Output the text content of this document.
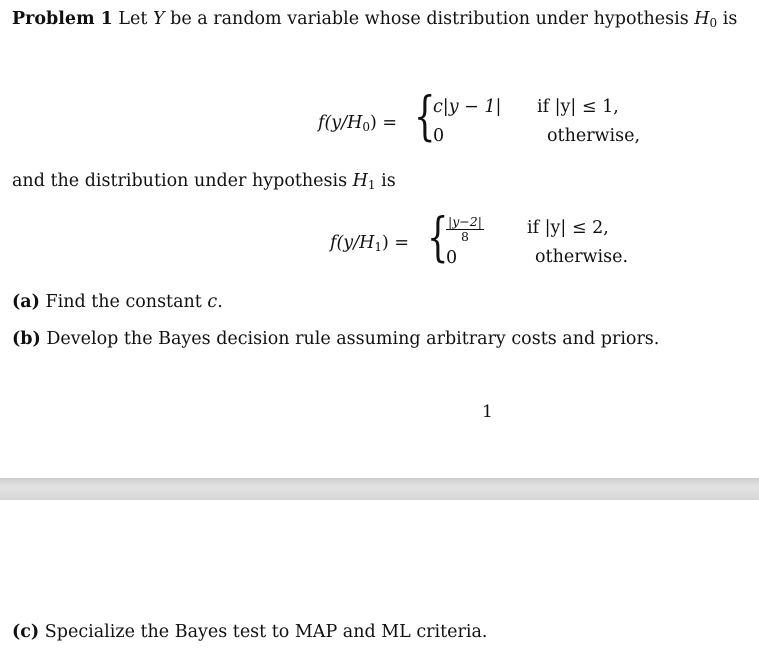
Problem 1 Let Y be a random variable whose distribution under hypothesis $H_0$ is
$f(y/H_0)$ = {
c|y − 1|
0
if |y| ≤ 1,
otherwise,
and the distribution under hypothesis $H_1$ is
$f(y/H_1)$ = {
$\frac{|y-2|}{8}$
0
if |y| ≤ 2,
otherwise.
(a) Find the constant c.
(b) Develop the Bayes decision rule assuming arbitrary costs and priors.
1
(c) Specialize the Bayes test to MAP and ML criteria.
